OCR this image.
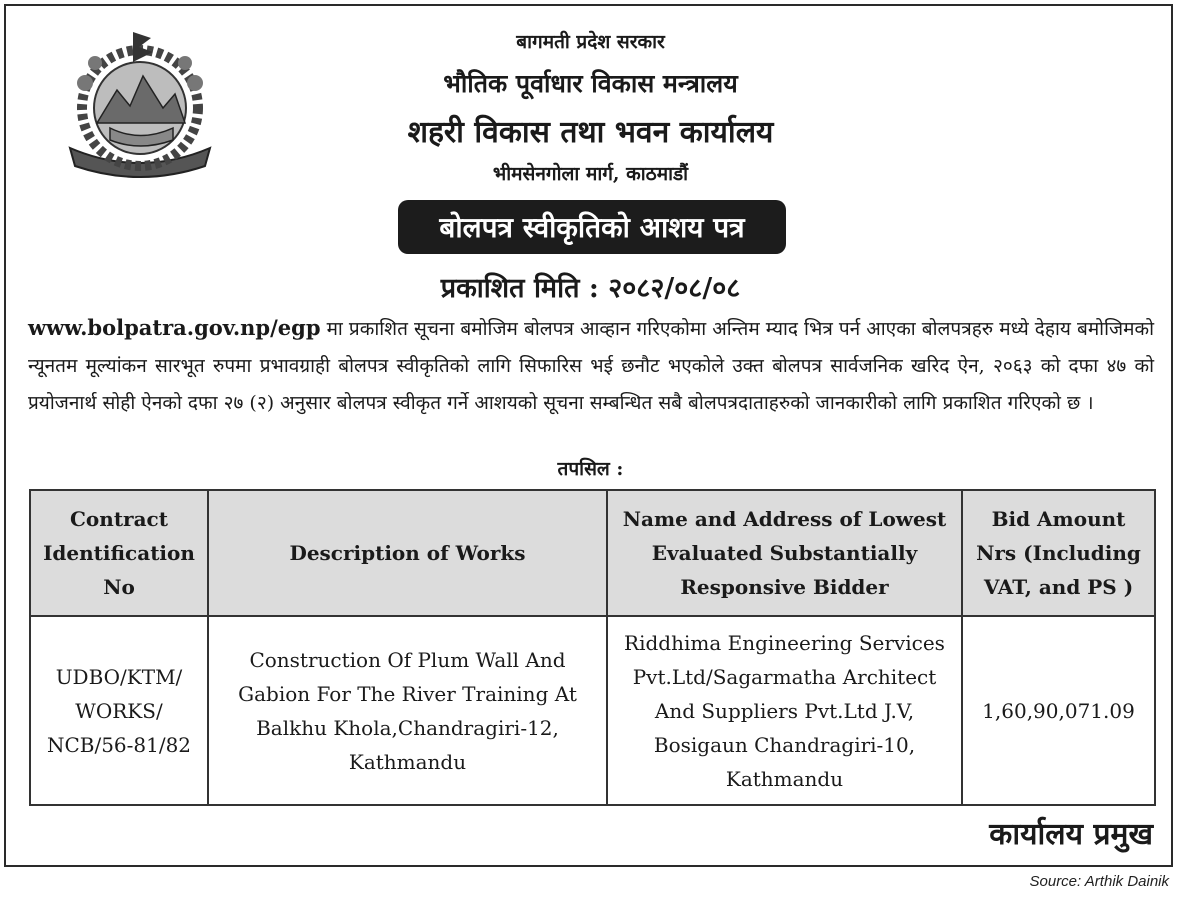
बागमती प्रदेश सरकार
भौतिक पूर्वाधार विकास मन्त्रालय
शहरी विकास तथा भवन कार्यालय
भीमसेनगोला मार्ग, काठमाडौं
बोलपत्र स्वीकृतिको आशय पत्र
प्रकाशित मिति : २०८२/०८/०८
www.bolpatra.gov.np/egp मा प्रकाशित सूचना बमोजिम बोलपत्र आव्हान गरिएकोमा अन्तिम म्याद भित्र पर्न आएका बोलपत्रहरु मध्ये देहाय बमोजिमको न्यूनतम मूल्यांकन सारभूत रुपमा प्रभावग्राही बोलपत्र स्वीकृतिको लागि सिफारिस भई छनौट भएकोले उक्त बोलपत्र सार्वजनिक खरिद ऐन, २०६३ को दफा ४७ को प्रयोजनार्थ सोही ऐनको दफा २७ (२) अनुसार बोलपत्र स्वीकृत गर्ने आशयको सूचना सम्बन्धित सबै बोलपत्रदाताहरुको जानकारीको लागि प्रकाशित गरिएको छ ।
तपसिल :
Contract Identification No	Description of Works	Name and Address of Lowest Evaluated Substantially Responsive Bidder	Bid Amount Nrs (Including VAT, and PS )
UDBO/KTM/ WORKS/ NCB/56-81/82	Construction Of Plum Wall And Gabion For The River Training At Balkhu Khola,Chandragiri-12, Kathmandu	Riddhima Engineering Services Pvt.Ltd/Sagarmatha Architect And Suppliers Pvt.Ltd J.V, Bosigaun Chandragiri-10, Kathmandu	1,60,90,071.09
कार्यालय प्रमुख
Source: Arthik Dainik
